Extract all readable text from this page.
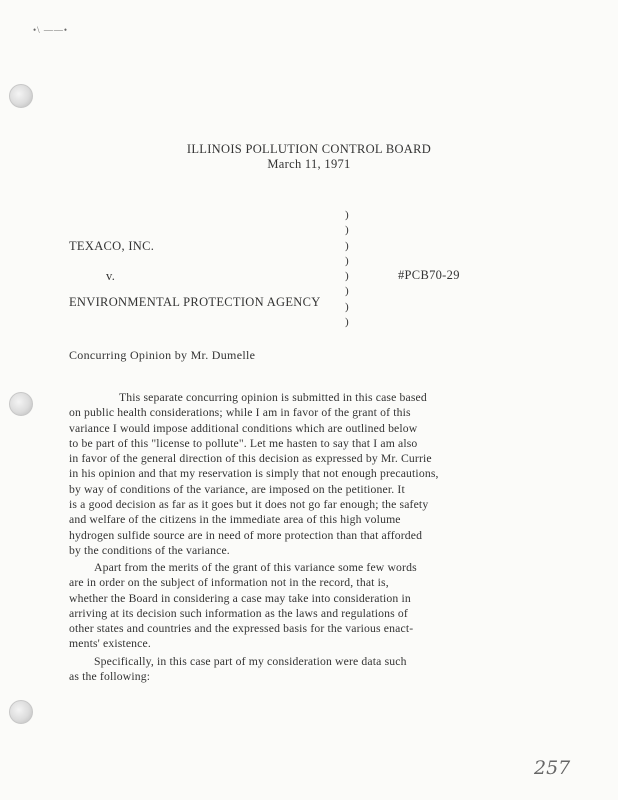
•\ ——•
ILLINOIS POLLUTION CONTROL BOARD
March 11, 1971
TEXACO, INC.
v.
ENVIRONMENTAL PROTECTION AGENCY
#PCB70-29
)
)
)
)
)
)
)
)
Concurring Opinion by Mr. Dumelle
This separate concurring opinion is submitted in this case based
on public health considerations; while I am in favor of the grant of this
variance I would impose additional conditions which are outlined below
to be part of this "license to pollute". Let me hasten to say that I am also
in favor of the general direction of this decision as expressed by Mr. Currie
in his opinion and that my reservation is simply that not enough precautions,
by way of conditions of the variance, are imposed on the petitioner. It
is a good decision as far as it goes but it does not go far enough; the safety
and welfare of the citizens in the immediate area of this high volume
hydrogen sulfide source are in need of more protection than that afforded
by the conditions of the variance.
Apart from the merits of the grant of this variance some few words
are in order on the subject of information not in the record, that is,
whether the Board in considering a case may take into consideration in
arriving at its decision such information as the laws and regulations of
other states and countries and the expressed basis for the various enact-
ments' existence.
Specifically, in this case part of my consideration were data such
as the following:
257
